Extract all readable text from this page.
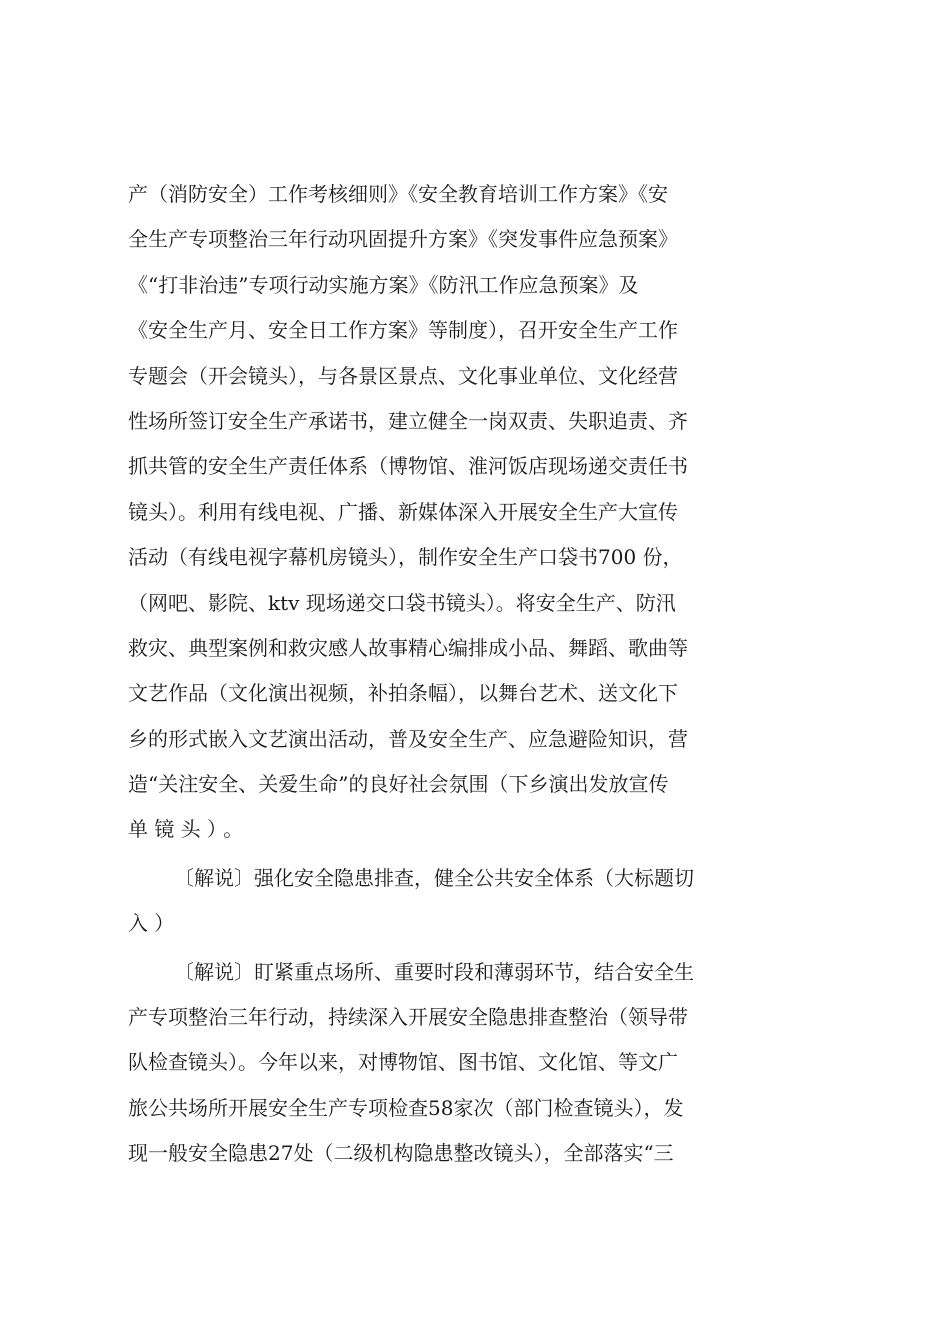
产（消防安全）工作考核细则》《安全教育培训工作方案》《安
全生产专项整治三年行动巩固提升方案》《突发事件应急预案》
《“打非治违”专项行动实施方案》《防汛工作应急预案》及
《安全生产月、安全日工作方案》等制度），召开安全生产工作
专题会（开会镜头），与各景区景点、文化事业单位、文化经营
性场所签订安全生产承诺书，建立健全一岗双责、失职追责、齐
抓共管的安全生产责任体系（博物馆、淮河饭店现场递交责任书
镜头）。利用有线电视、广播、新媒体深入开展安全生产大宣传
活动（有线电视字幕机房镜头），制作安全生产口袋书700 份，
（网吧、影院、ktv 现场递交口袋书镜头）。将安全生产、防汛
救灾、典型案例和救灾感人故事精心编排成小品、舞蹈、歌曲等
文艺作品（文化演出视频，补拍条幅），以舞台艺术、送文化下
乡的形式嵌入文艺演出活动，普及安全生产、应急避险知识，营
造“关注安全、关爱生命”的良好社会氛围（下乡演出发放宣传
单镜头）。
〔解说〕强化安全隐患排查，健全公共安全体系（大标题切
入）
〔解说〕盯紧重点场所、重要时段和薄弱环节，结合安全生
产专项整治三年行动，持续深入开展安全隐患排查整治（领导带
队检查镜头）。今年以来，对博物馆、图书馆、文化馆、等文广
旅公共场所开展安全生产专项检查58家次（部门检查镜头），发
现一般安全隐患27处（二级机构隐患整改镜头），全部落实“三
